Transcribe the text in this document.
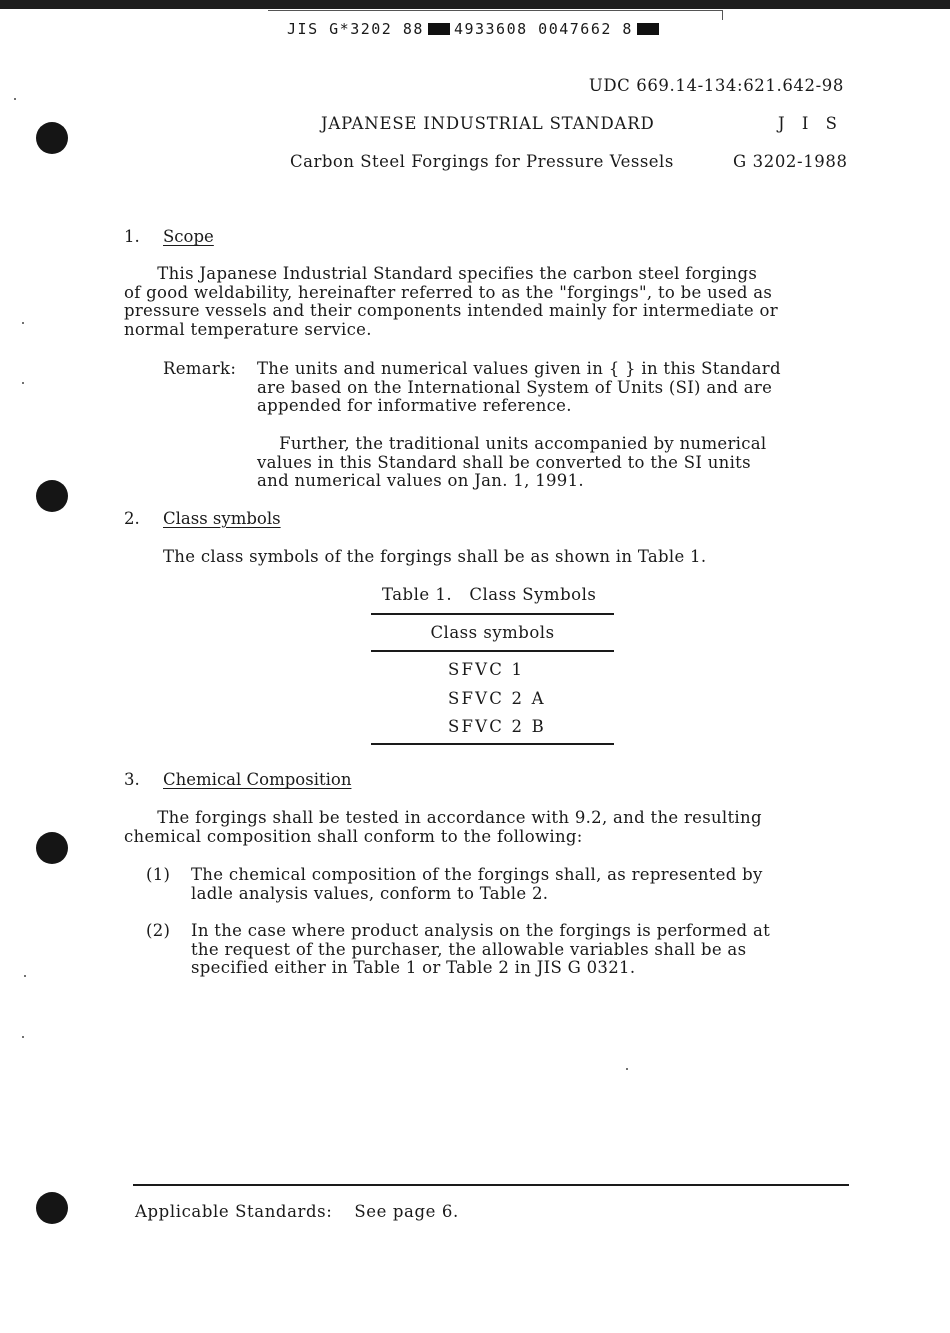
JIS G*3202 88 4933608 0047662 8
UDC 669.14-134:621.642-98
JAPANESE INDUSTRIAL STANDARD	J I S
Carbon Steel Forgings for Pressure Vessels	G 3202-1988
1. Scope
This Japanese Industrial Standard specifies the carbon steel forgings
of good weldability, hereinafter referred to as the "forgings", to be used as
pressure vessels and their components intended mainly for intermediate or
normal temperature service.
Remark: The units and numerical values given in { } in this Standard
are based on the International System of Units (SI) and are
appended for informative reference.
Further, the traditional units accompanied by numerical
values in this Standard shall be converted to the SI units
and numerical values on Jan. 1, 1991.
2. Class symbols
The class symbols of the forgings shall be as shown in Table 1.
Table 1.   Class Symbols
Class symbols
SFVC 1
SFVC 2 A
SFVC 2 B
3. Chemical Composition
The forgings shall be tested in accordance with 9.2, and the resulting
chemical composition shall conform to the following:
(1) The chemical composition of the forgings shall, as represented by
ladle analysis values, conform to Table 2.
(2) In the case where product analysis on the forgings is performed at
the request of the purchaser, the allowable variables shall be as
specified either in Table 1 or Table 2 in JIS G 0321.
Applicable Standards: See page 6.
